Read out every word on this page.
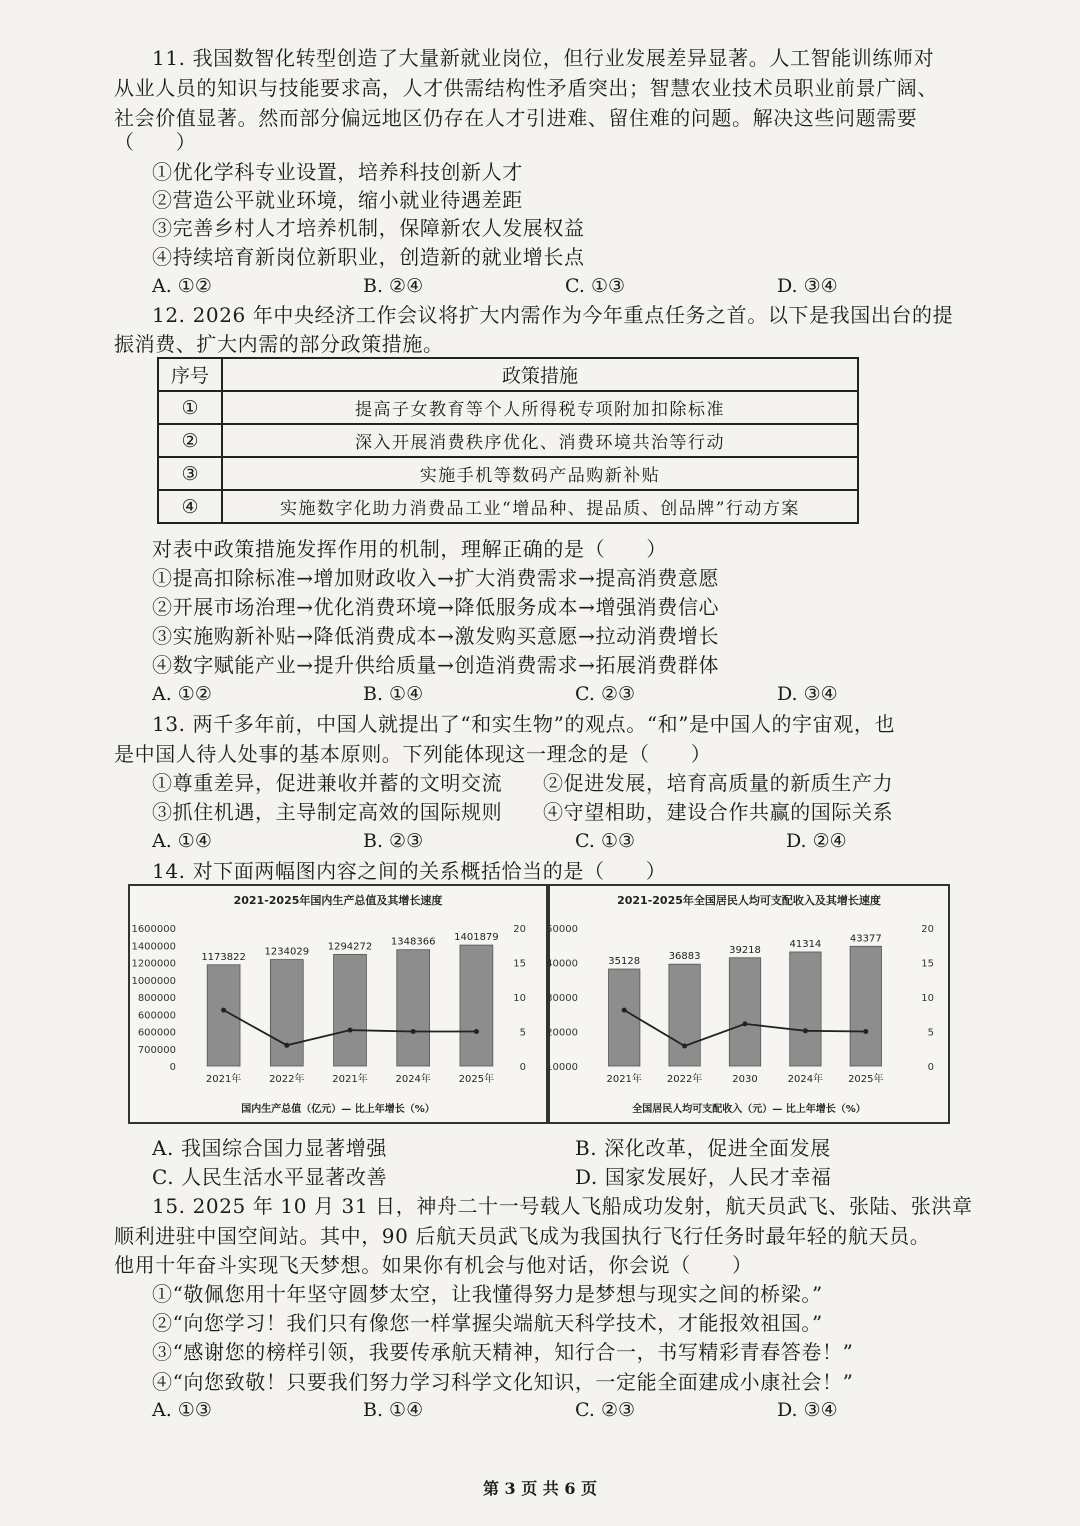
11. 我国数智化转型创造了大量新就业岗位，但行业发展差异显著。人工智能训练师对
从业人员的知识与技能要求高，人才供需结构性矛盾突出；智慧农业技术员职业前景广阔、
社会价值显著。然而部分偏远地区仍存在人才引进难、留住难的问题。解决这些问题需要
（　　）
①优化学科专业设置，培养科技创新人才
②营造公平就业环境，缩小就业待遇差距
③完善乡村人才培养机制，保障新农人发展权益
④持续培育新岗位新职业，创造新的就业增长点
A. ①②	B. ②④	C. ①③	D. ③④
12. 2026 年中央经济工作会议将扩大内需作为今年重点任务之首。以下是我国出台的提
振消费、扩大内需的部分政策措施。
序号	政策措施
①	提高子女教育等个人所得税专项附加扣除标准
②	深入开展消费秩序优化、消费环境共治等行动
③	实施手机等数码产品购新补贴
④	实施数字化助力消费品工业“增品种、提品质、创品牌”行动方案
对表中政策措施发挥作用的机制，理解正确的是（　　）
①提高扣除标准→增加财政收入→扩大消费需求→提高消费意愿
②开展市场治理→优化消费环境→降低服务成本→增强消费信心
③实施购新补贴→降低消费成本→激发购买意愿→拉动消费增长
④数字赋能产业→提升供给质量→创造消费需求→拓展消费群体
A. ①②	B. ①④	C. ②③	D. ③④
13. 两千多年前，中国人就提出了“和实生物”的观点。“和”是中国人的宇宙观，也
是中国人待人处事的基本原则。下列能体现这一理念的是（　　）
①尊重差异，促进兼收并蓄的文明交流 ②促进发展，培育高质量的新质生产力
③抓住机遇，主导制定高效的国际规则 ④守望相助，建设合作共赢的国际关系
A. ①④	B. ②③	C. ①③	D. ②④
14. 对下面两幅图内容之间的关系概括恰当的是（　　）
2021-2025年国内生产总值及其增长速度
1600000
1400000
1200000
1000000
800000
600000
600000
700000
0
20
15
10
5
0
1173822
2021年
1234029
2022年
1294272
2021年
1348366
2024年
1401879
2025年
国内生产总值（亿元）— 比上年增长（%）
2021-2025年全国居民人均可支配收入及其增长速度
50000
40000
30000
20000
10000
20
15
10
5
0
35128
2021年
36883
2022年
39218
2030
41314
2024年
43377
2025年
全国居民人均可支配收入（元）— 比上年增长（%）
A. 我国综合国力显著增强	B. 深化改革，促进全面发展
C. 人民生活水平显著改善	D. 国家发展好，人民才幸福
15. 2025 年 10 月 31 日，神舟二十一号载人飞船成功发射，航天员武飞、张陆、张洪章
顺利进驻中国空间站。其中，90 后航天员武飞成为我国执行飞行任务时最年轻的航天员。
他用十年奋斗实现飞天梦想。如果你有机会与他对话，你会说（　　）
①“敬佩您用十年坚守圆梦太空，让我懂得努力是梦想与现实之间的桥梁。”
②“向您学习！我们只有像您一样掌握尖端航天科学技术，才能报效祖国。”
③“感谢您的榜样引领，我要传承航天精神，知行合一，书写精彩青春答卷！”
④“向您致敬！只要我们努力学习科学文化知识，一定能全面建成小康社会！”
A. ①③	B. ①④	C. ②③	D. ③④
第 3 页 共 6 页
